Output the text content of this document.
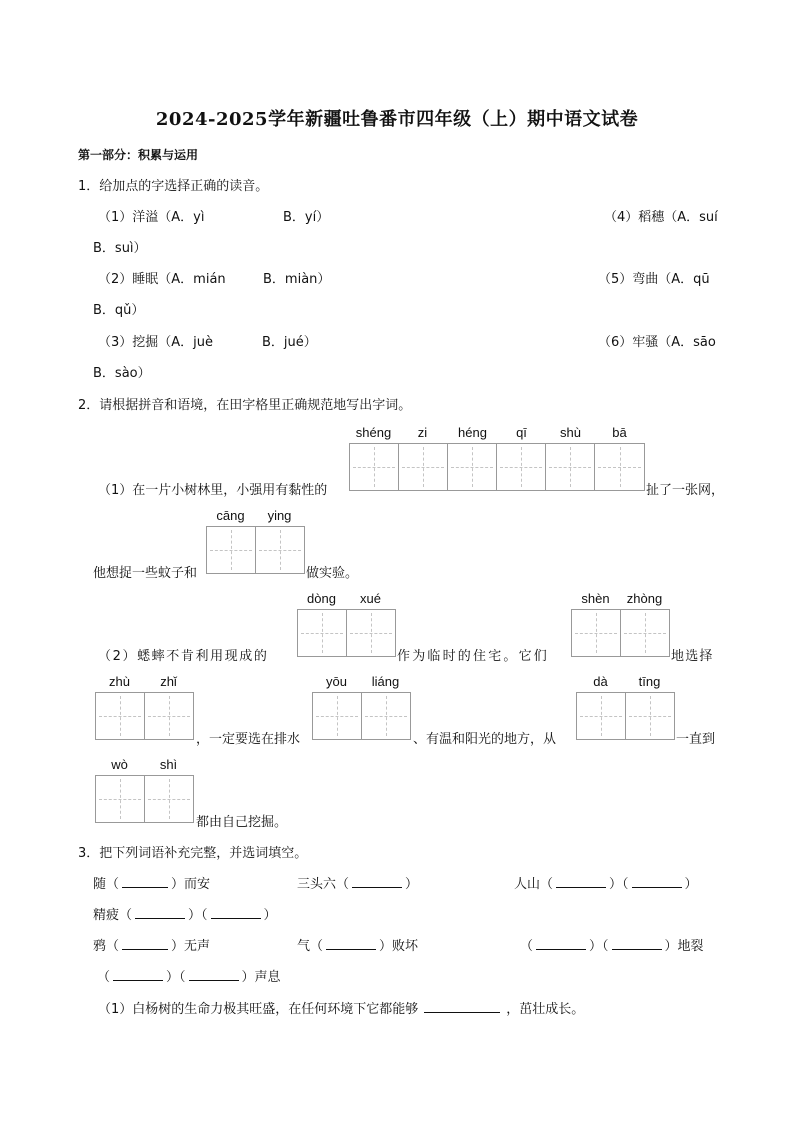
2024-2025学年新疆吐鲁番市四年级（上）期中语文试卷
第一部分：积累与运用
1．给加点的字选择正确的读音。
（1）洋溢（A．yì	B．yí）	（4）稻穗（A．suí
B．suì）
（2）睡眠（A．mián	B．miàn）	（5）弯曲（A．qū
B．qǔ）
（3）挖掘（A．juè	B．jué）	（6）牢骚（A．sāo
B．sào）
2．请根据拼音和语境，在田字格里正确规范地写出字词。
shéng	zi	héng	qī	shù	bā
（1）在一片小树林里，小强用有黏性的	扯了一张网，
cāng	ying
他想捉一些蚊子和	做实验。
dòng	xué	shèn	zhòng
（2）蟋蟀不肯利用现成的	作为临时的住宅。它们	地选择
zhù	zhǐ	yōu	liáng	dà	tīng
，一定要选在排水	、有温和阳光的地方，从	一直到
wò	shì
都由自己挖掘。
3．把下列词语补充完整，并选词填空。
随（	）而安	三头六（	）	人山（	）（	）
精疲（	）（	）
鸦（	）无声	气（	）败坏	（	）（	）地裂
（	）（	）声息
（1）白杨树的生命力极其旺盛，在任何环境下它都能够	，茁壮成长。
